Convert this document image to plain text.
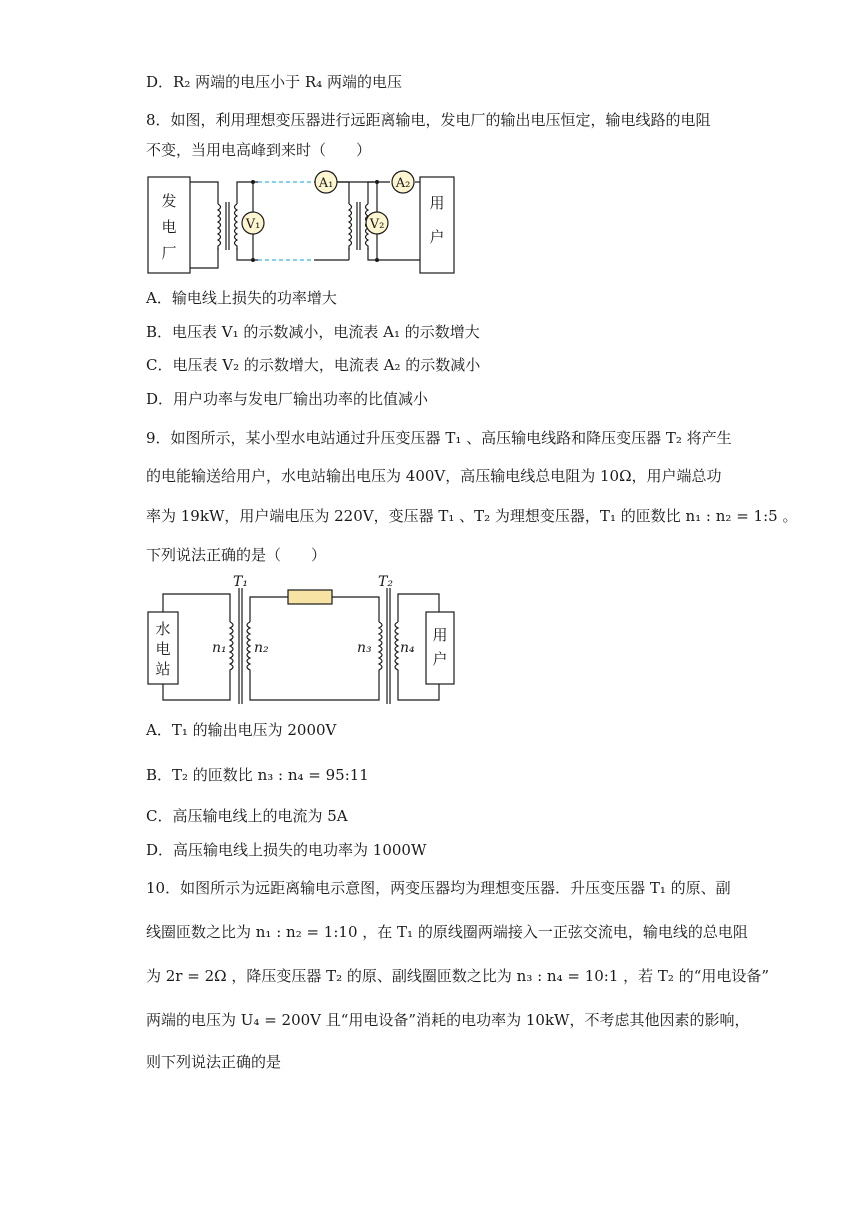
D．R₂ 两端的电压小于 R₄ 两端的电压
8．如图，利用理想变压器进行远距离输电，发电厂的输出电压恒定，输电线路的电阻
不变，当用电高峰到来时（　　）
V₁	V₂
A₁	A₂
发
电
厂
用
户
A．输电线上损失的功率增大
B．电压表 V₁ 的示数减小，电流表 A₁ 的示数增大
C．电压表 V₂ 的示数增大，电流表 A₂ 的示数减小
D．用户功率与发电厂输出功率的比值减小
9．如图所示，某小型水电站通过升压变压器 T₁ 、高压输电线路和降压变压器 T₂ 将产生
的电能输送给用户，水电站输出电压为 400V，高压输电线总电阻为 10Ω，用户端总功
率为 19kW，用户端电压为 220V，变压器 T₁ 、T₂ 为理想变压器，T₁ 的匝数比 n₁ : n₂ = 1:5 。
下列说法正确的是（　　）
T₁	T₂
n₁ n₂	n₃ n₄
水
电
站
用
户
A．T₁ 的输出电压为 2000V
B．T₂ 的匝数比 n₃ : n₄ = 95:11
C．高压输电线上的电流为 5A
D．高压输电线上损失的电功率为 1000W
10．如图所示为远距离输电示意图，两变压器均为理想变压器．升压变压器 T₁ 的原、副
线圈匝数之比为 n₁ : n₂ = 1:10 ，在 T₁ 的原线圈两端接入一正弦交流电，输电线的总电阻
为 2r = 2Ω ，降压变压器 T₂ 的原、副线圈匝数之比为 n₃ : n₄ = 10:1 ，若 T₂ 的“用电设备”
两端的电压为 U₄ = 200V 且“用电设备”消耗的电功率为 10kW，不考虑其他因素的影响，
则下列说法正确的是
